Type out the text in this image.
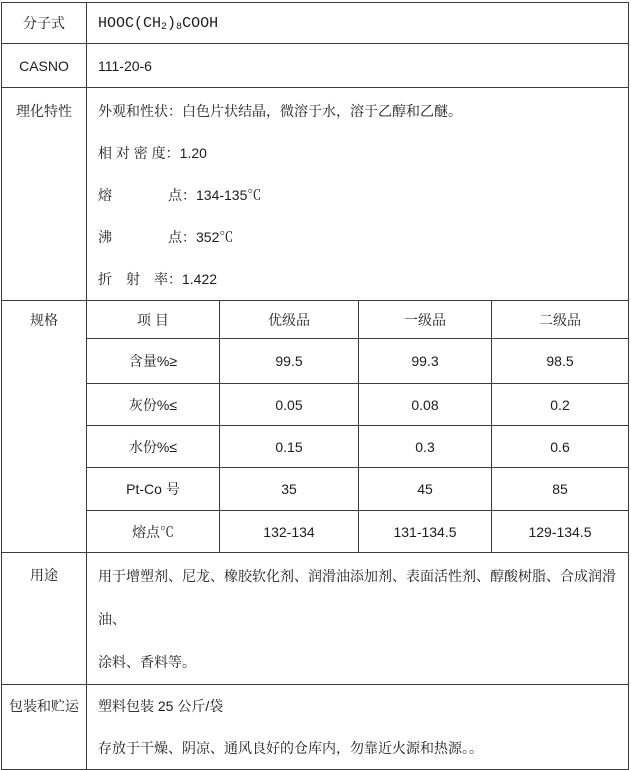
分子式	$HOOC(CH_2)_8COOH$			
CASNO	111-20-6			
理化特性	外观和性状：白色片状结晶，微溶于水，溶于乙醇和乙醚。
相 对 密 度：1.20
熔　　　　点：134-135℃
沸　　　　点：352℃
折　射　率：1.422			

规格	项 目	优级品	一级品	二级品
	含量%≥	99.5	99.3	98.5
	灰份%≤	0.05	0.08	0.2
	水份%≤	0.15	0.3	0.6
	Pt-Co 号	35	45	85
	熔点℃	132-134	131-134.5	129-134.5
用途	用于增塑剂、尼龙、橡胶软化剂、润滑油添加剂、表面活性剂、醇酸树脂、合成润滑油、
涂料、香料等。			

包装和贮运	塑料包装 25 公斤/袋
存放于干燥、阴凉、通风良好的仓库内，勿靠近火源和热源。。			
